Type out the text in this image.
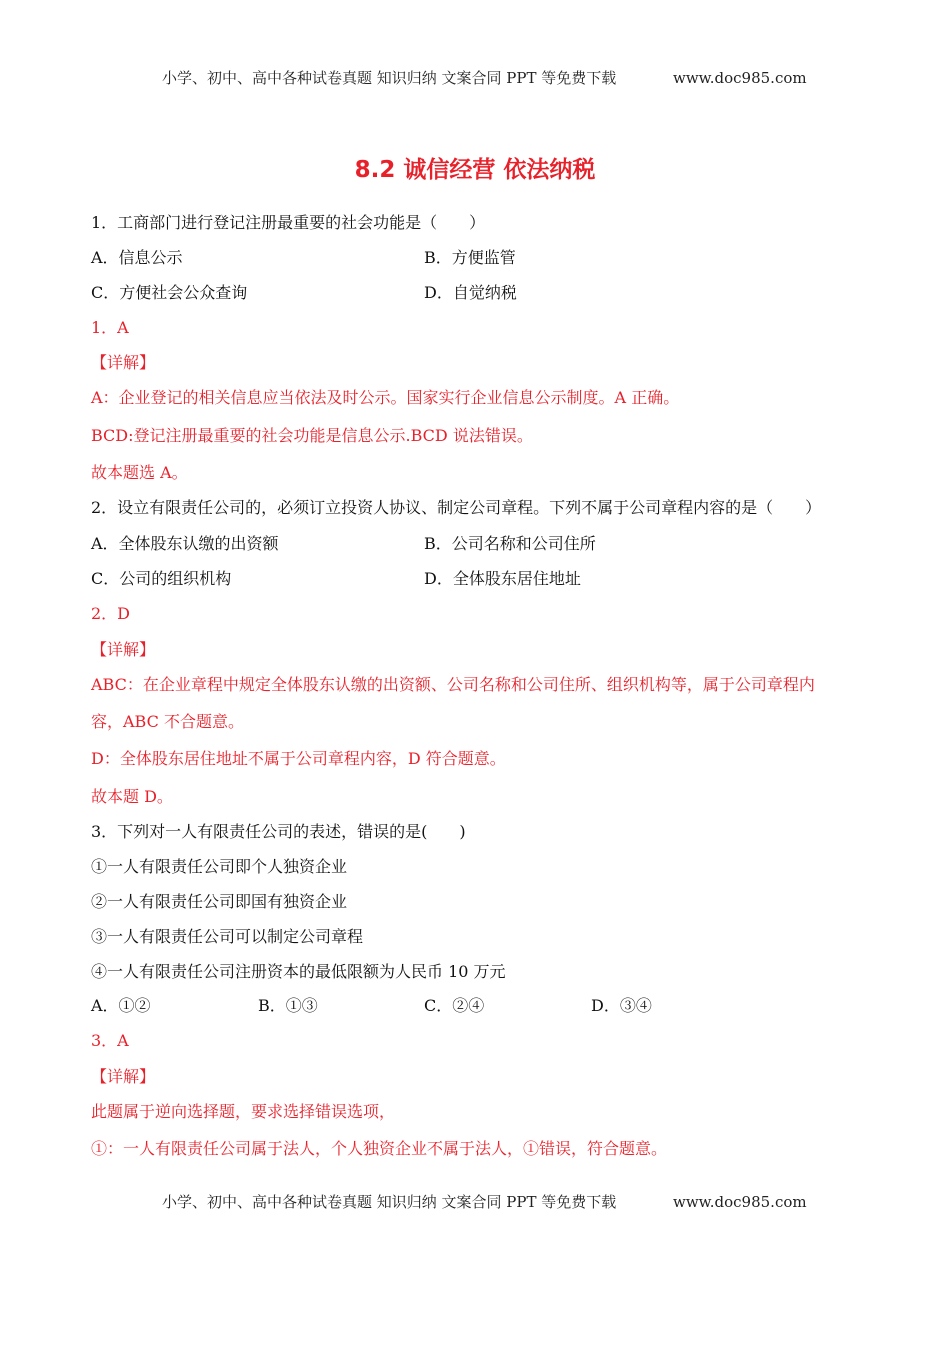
小学、初中、高中各种试卷真题 知识归纳 文案合同 PPT 等免费下载	www.doc985.com
8.2 诚信经营 依法纳税
1．工商部门进行登记注册最重要的社会功能是（　　）
A．信息公示	B．方便监管
C．方便社会公众查询	D．自觉纳税
1．A
【详解】
A：企业登记的相关信息应当依法及时公示。国家实行企业信息公示制度。A 正确。
BCD:登记注册最重要的社会功能是信息公示.BCD 说法错误。
故本题选 A。
2．设立有限责任公司的，必须订立投资人协议、制定公司章程。下列不属于公司章程内容的是（　　）
A．全体股东认缴的出资额	B．公司名称和公司住所
C．公司的组织机构	D．全体股东居住地址
2．D
【详解】
ABC：在企业章程中规定全体股东认缴的出资额、公司名称和公司住所、组织机构等，属于公司章程内
容，ABC 不合题意。
D：全体股东居住地址不属于公司章程内容，D 符合题意。
故本题 D。
3．下列对一人有限责任公司的表述，错误的是(　　)
①一人有限责任公司即个人独资企业
②一人有限责任公司即国有独资企业
③一人有限责任公司可以制定公司章程
④一人有限责任公司注册资本的最低限额为人民币 10 万元
A．①②	B．①③	C．②④	D．③④
3．A
【详解】
此题属于逆向选择题，要求选择错误选项，
①：一人有限责任公司属于法人，个人独资企业不属于法人，①错误，符合题意。
小学、初中、高中各种试卷真题 知识归纳 文案合同 PPT 等免费下载	www.doc985.com
